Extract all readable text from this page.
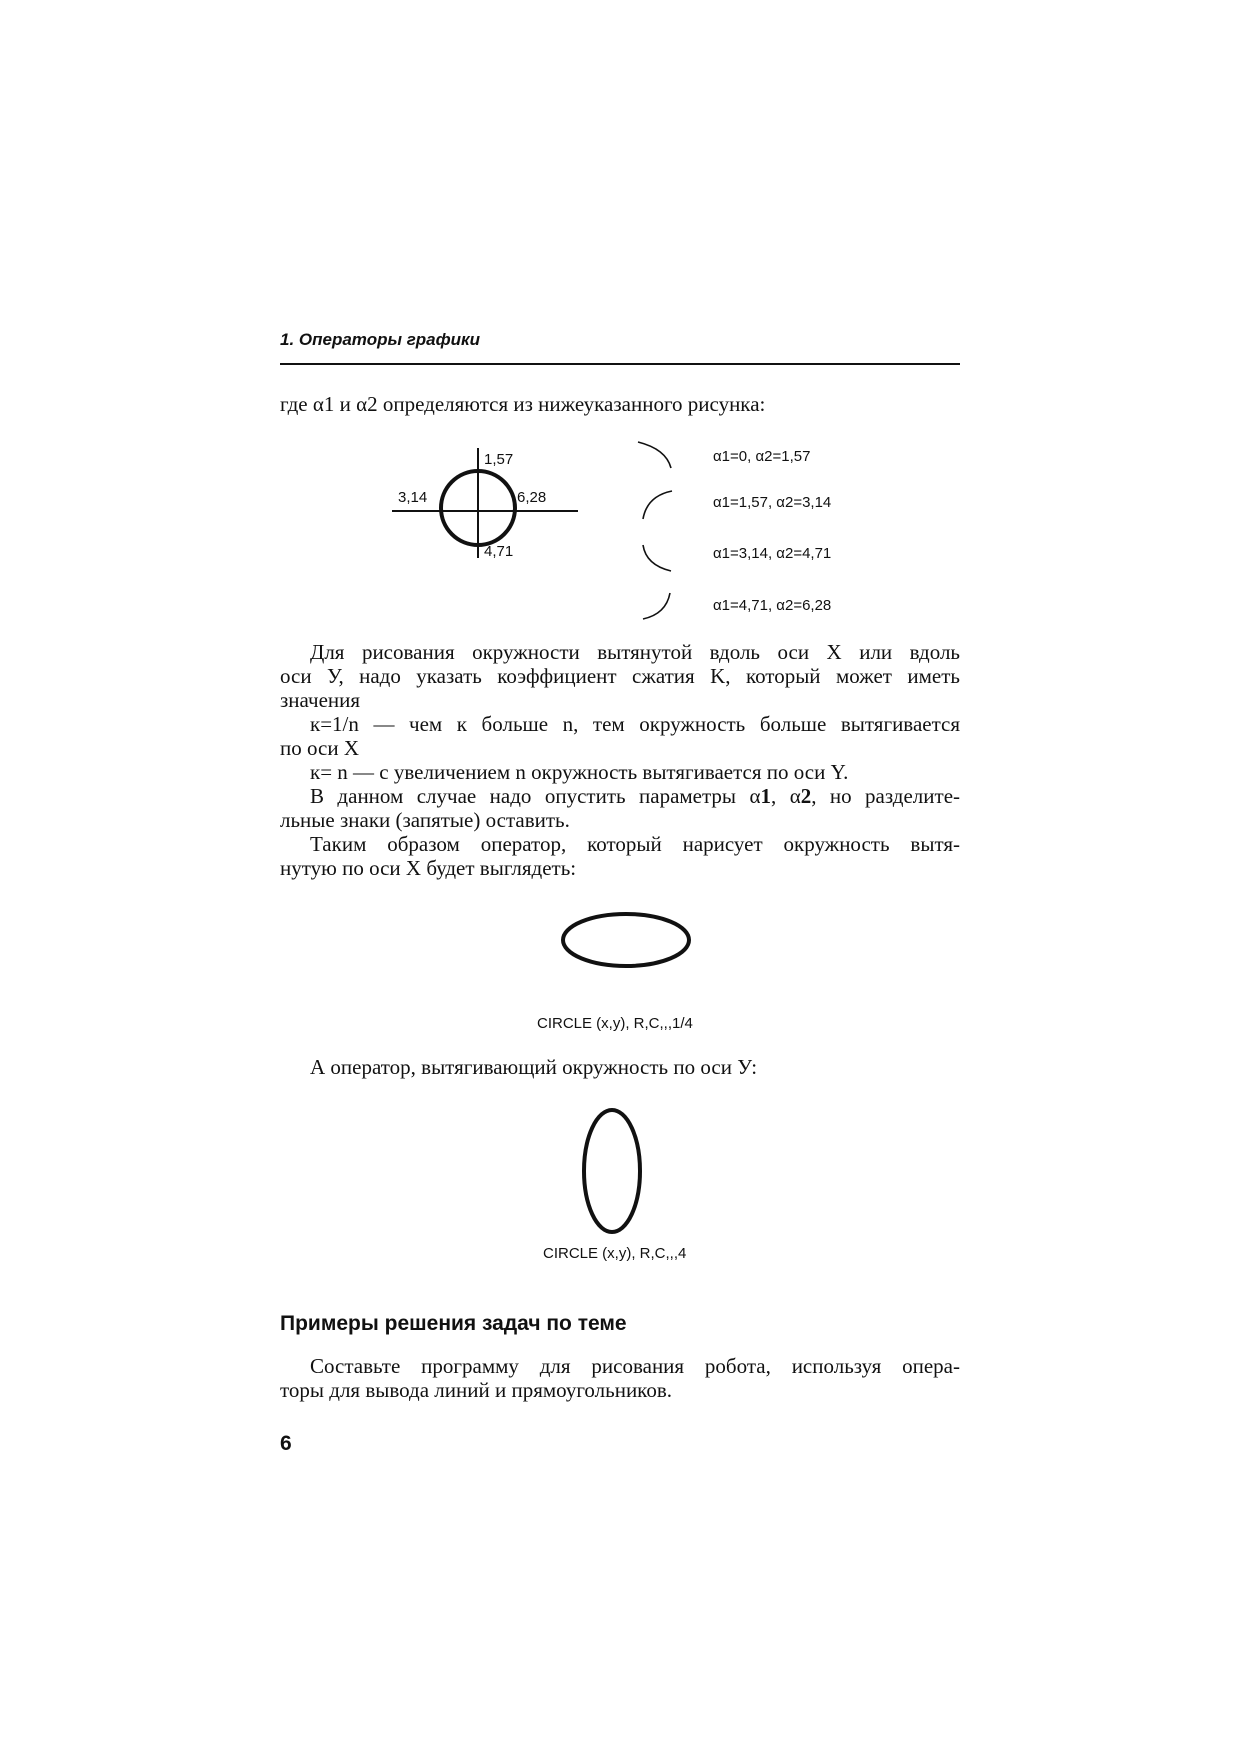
1. Операторы графики

где α1 и α2 определяются из нижеуказанного рисунка:

1,57
3,14	6,28
4,71
α1=0, α2=1,57
α1=1,57, α2=3,14
α1=3,14, α2=4,71
α1=4,71, α2=6,28

Для рисования окружности вытянутой вдоль оси X или вдоль

оси У, надо указать коэффициент сжатия K, который может иметь

значения

к=1/n — чем к больше n, тем окружность больше вытягивается

по оси X

к= n — с увеличением n окружность вытягивается по оси Y.

В данном случае надо опустить параметры α1, α2, но разделите-

льные знаки (запятые) оставить.

Таким образом оператор, который нарисует окружность вытя-

нутую по оси X будет выглядеть:

CIRCLE (x,y), R,C,,,1/4

А оператор, вытягивающий окружность по оси У:

CIRCLE (x,y), R,C,,,4
Примеры решения задач по теме

Составьте программу для рисования робота, используя опера-

торы для вывода линий и прямоугольников.

6
